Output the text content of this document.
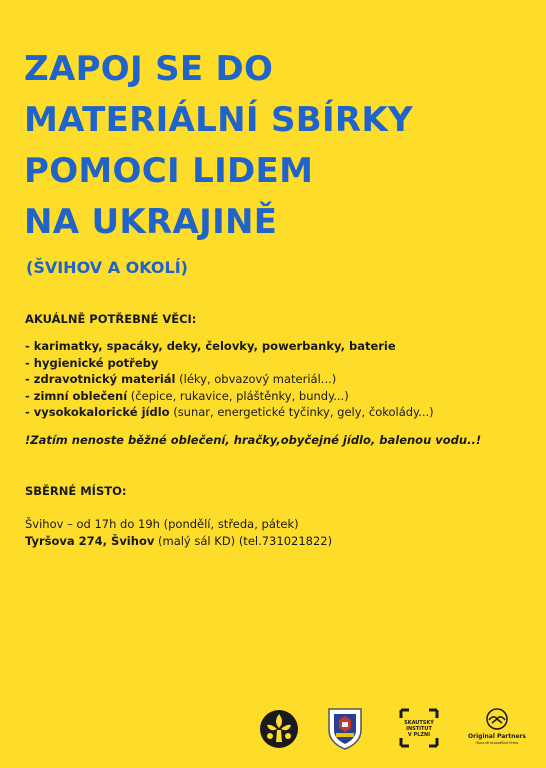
ZAPOJ SE DO
MATERIÁLNÍ SBÍRKY
POMOCI LIDEM
NA UKRAJINĚ
(ŠVIHOV A OKOLÍ)

AKUÁLNĚ POTŘEBNÉ VĚCI:

- karimatky, spacáky, deky, čelovky, powerbanky, baterie

- hygienické potřeby

- zdravotnický materiál (léky, obvazový materiál...)

- zimní oblečení (čepice, rukavice, pláštěnky, bundy...)

- vysokokalorické jídlo (sunar, energetické tyčinky, gely, čokolády...)

!Zatím nenoste běžné oblečení, hračky,obyčejné jídlo, balenou vodu..!

SBĚRNÉ MÍSTO:

Švihov – od 17h do 19h (pondělí, středa, pátek)

Tyršova 274, Švihov (malý sál KD) (tel.731021822)

SKAUTSKÝ
INSTITUT
V PLZNI	Original Partners
Obecně prospěšná firma
